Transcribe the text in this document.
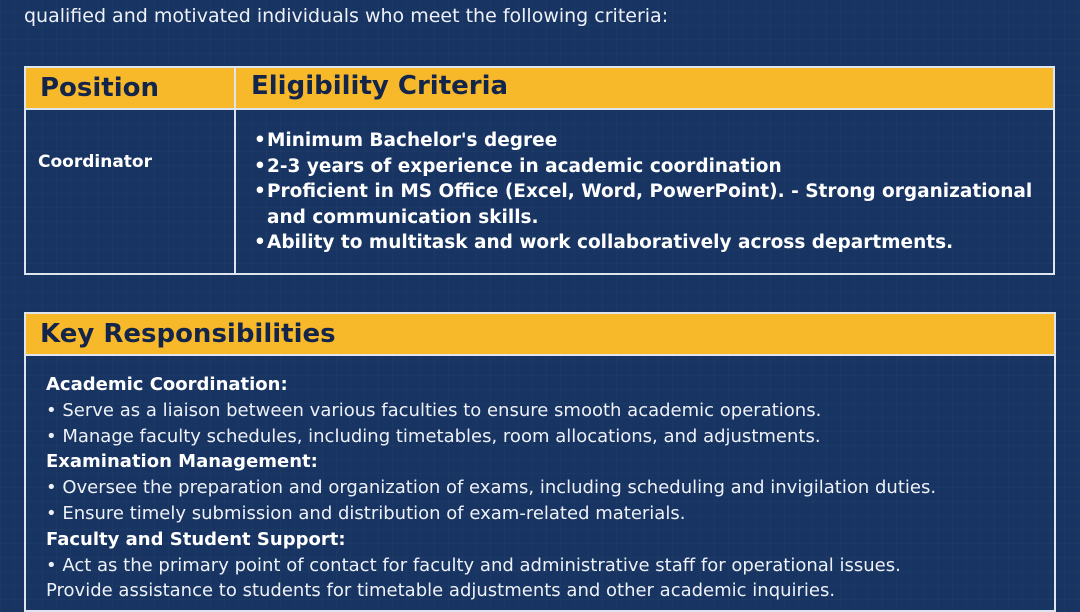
qualified and motivated individuals who meet the following criteria:
Position	Eligibility Criteria
Coordinator
• Minimum Bachelor's degree
• 2-3 years of experience in academic coordination
• Proficient in MS Office (Excel, Word, PowerPoint). - Strong organizational and communication skills.
• Ability to multitask and work collaboratively across departments.
Key Responsibilities
Academic Coordination:
• Serve as a liaison between various faculties to ensure smooth academic operations.
• Manage faculty schedules, including timetables, room allocations, and adjustments.
Examination Management:
• Oversee the preparation and organization of exams, including scheduling and invigilation duties.
• Ensure timely submission and distribution of exam-related materials.
Faculty and Student Support:
• Act as the primary point of contact for faculty and administrative staff for operational issues.
Provide assistance to students for timetable adjustments and other academic inquiries.
